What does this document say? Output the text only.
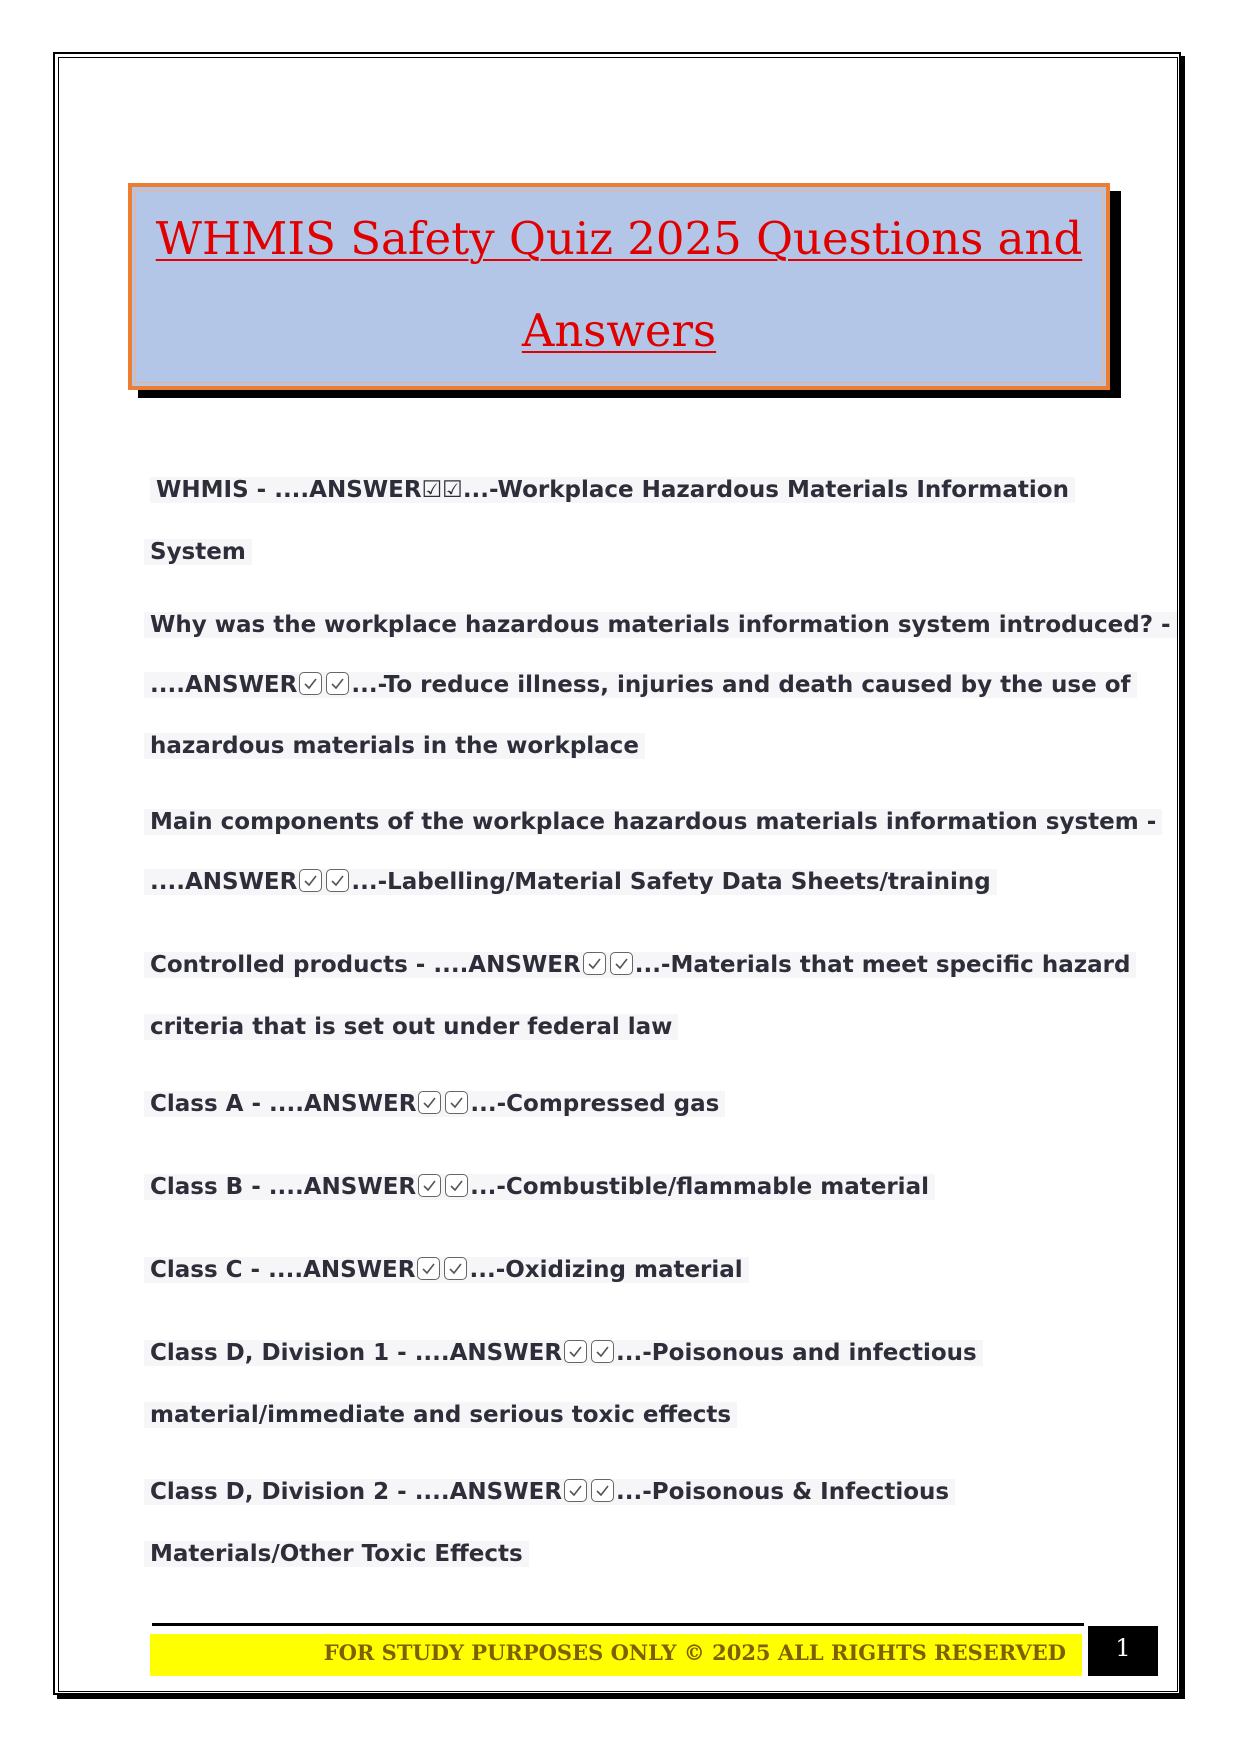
WHMIS Safety Quiz 2025 Questions and
Answers
WHMIS - ....ANSWER☑☑...-Workplace Hazardous Materials Information
System
Why was the workplace hazardous materials information system introduced? -
....ANSWER ...-To reduce illness, injuries and death caused by the use of
hazardous materials in the workplace
Main components of the workplace hazardous materials information system -
....ANSWER ...-Labelling/Material Safety Data Sheets/training
Controlled products - ....ANSWER ...-Materials that meet specific hazard
criteria that is set out under federal law
Class A - ....ANSWER ...-Compressed gas
Class B - ....ANSWER ...-Combustible/flammable material
Class C - ....ANSWER ...-Oxidizing material
Class D, Division 1 - ....ANSWER ...-Poisonous and infectious
material/immediate and serious toxic effects
Class D, Division 2 - ....ANSWER ...-Poisonous & Infectious
Materials/Other Toxic Effects
FOR STUDY PURPOSES ONLY © 2025 ALL RIGHTS RESERVED	1
